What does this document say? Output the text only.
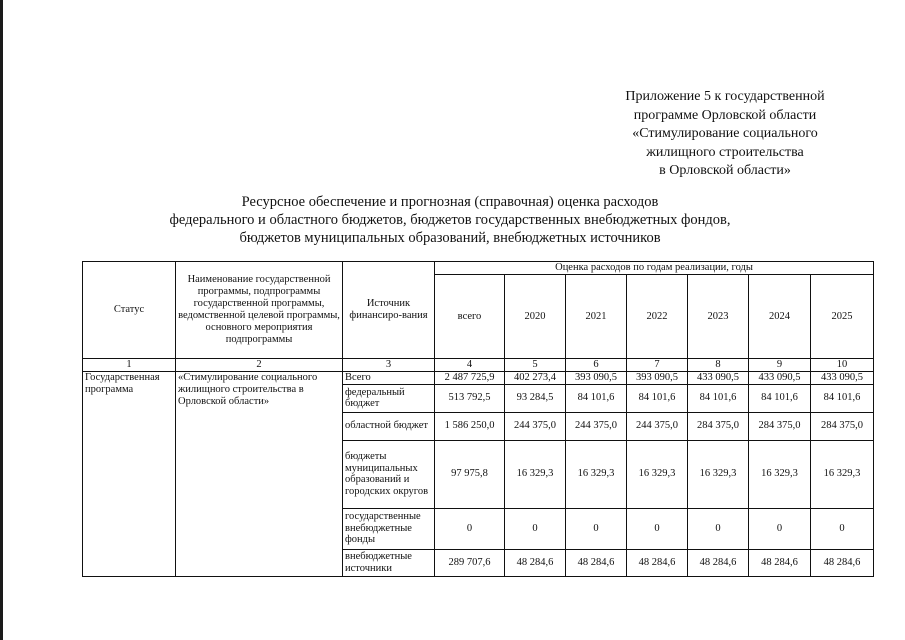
Приложение 5 к государственной
программе Орловской области
«Стимулирование социального
жилищного строительства
в Орловской области»
Ресурсное обеспечение и прогнозная (справочная) оценка расходов
федерального и областного бюджетов, бюджетов государственных внебюджетных фондов,
бюджетов муниципальных образований, внебюджетных источников
Статус	Наименование государственной программы, подпрограммы государственной программы, ведомственной целевой программы, основного мероприятия подпрограммы	Источник финансиро-вания	Оценка расходов по годам реализации, годы						
			всего	2020	2021	2022	2023	2024	2025
1	2	3	4	5	6	7	8	9	10
Государственная программа	«Стимулирование социального жилищного строительства в Орловской области»	Всего	2 487 725,9	402 273,4	393 090,5	393 090,5	433 090,5	433 090,5	433 090,5
		федеральный бюджет	513 792,5	93 284,5	84 101,6	84 101,6	84 101,6	84 101,6	84 101,6
		областной бюджет	1 586 250,0	244 375,0	244 375,0	244 375,0	284 375,0	284 375,0	284 375,0
		бюджеты муниципальных образований и городских округов	97 975,8	16 329,3	16 329,3	16 329,3	16 329,3	16 329,3	16 329,3
		государственные внебюджетные фонды	0	0	0	0	0	0	0
		внебюджетные источники	289 707,6	48 284,6	48 284,6	48 284,6	48 284,6	48 284,6	48 284,6
